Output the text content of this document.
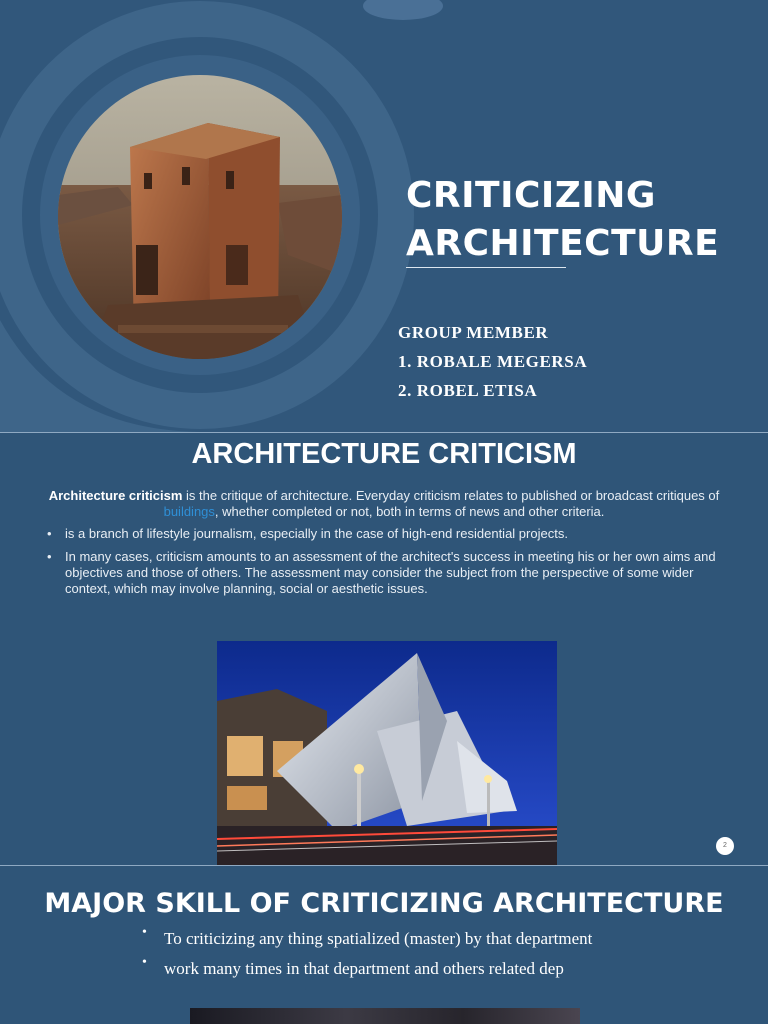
CRITICIZING
ARCHITECTURE
GROUP MEMBER
1. ROBALE MEGERSA
2. ROBEL ETISA
ARCHITECTURE CRITICISM
Architecture criticism is the critique of architecture. Everyday criticism relates to published or broadcast critiques of buildings, whether completed or not, both in terms of news and other criteria.
• is a branch of lifestyle journalism, especially in the case of high-end residential projects.
• In many cases, criticism amounts to an assessment of the architect's success in meeting his or her own aims and objectives and those of others. The assessment may consider the subject from the perspective of some wider context, which may involve planning, social or aesthetic issues.
2
MAJOR SKILL OF CRITICIZING ARCHITECTURE
• To criticizing any thing spatialized (master) by that department
• work many times in that department and others related dep
